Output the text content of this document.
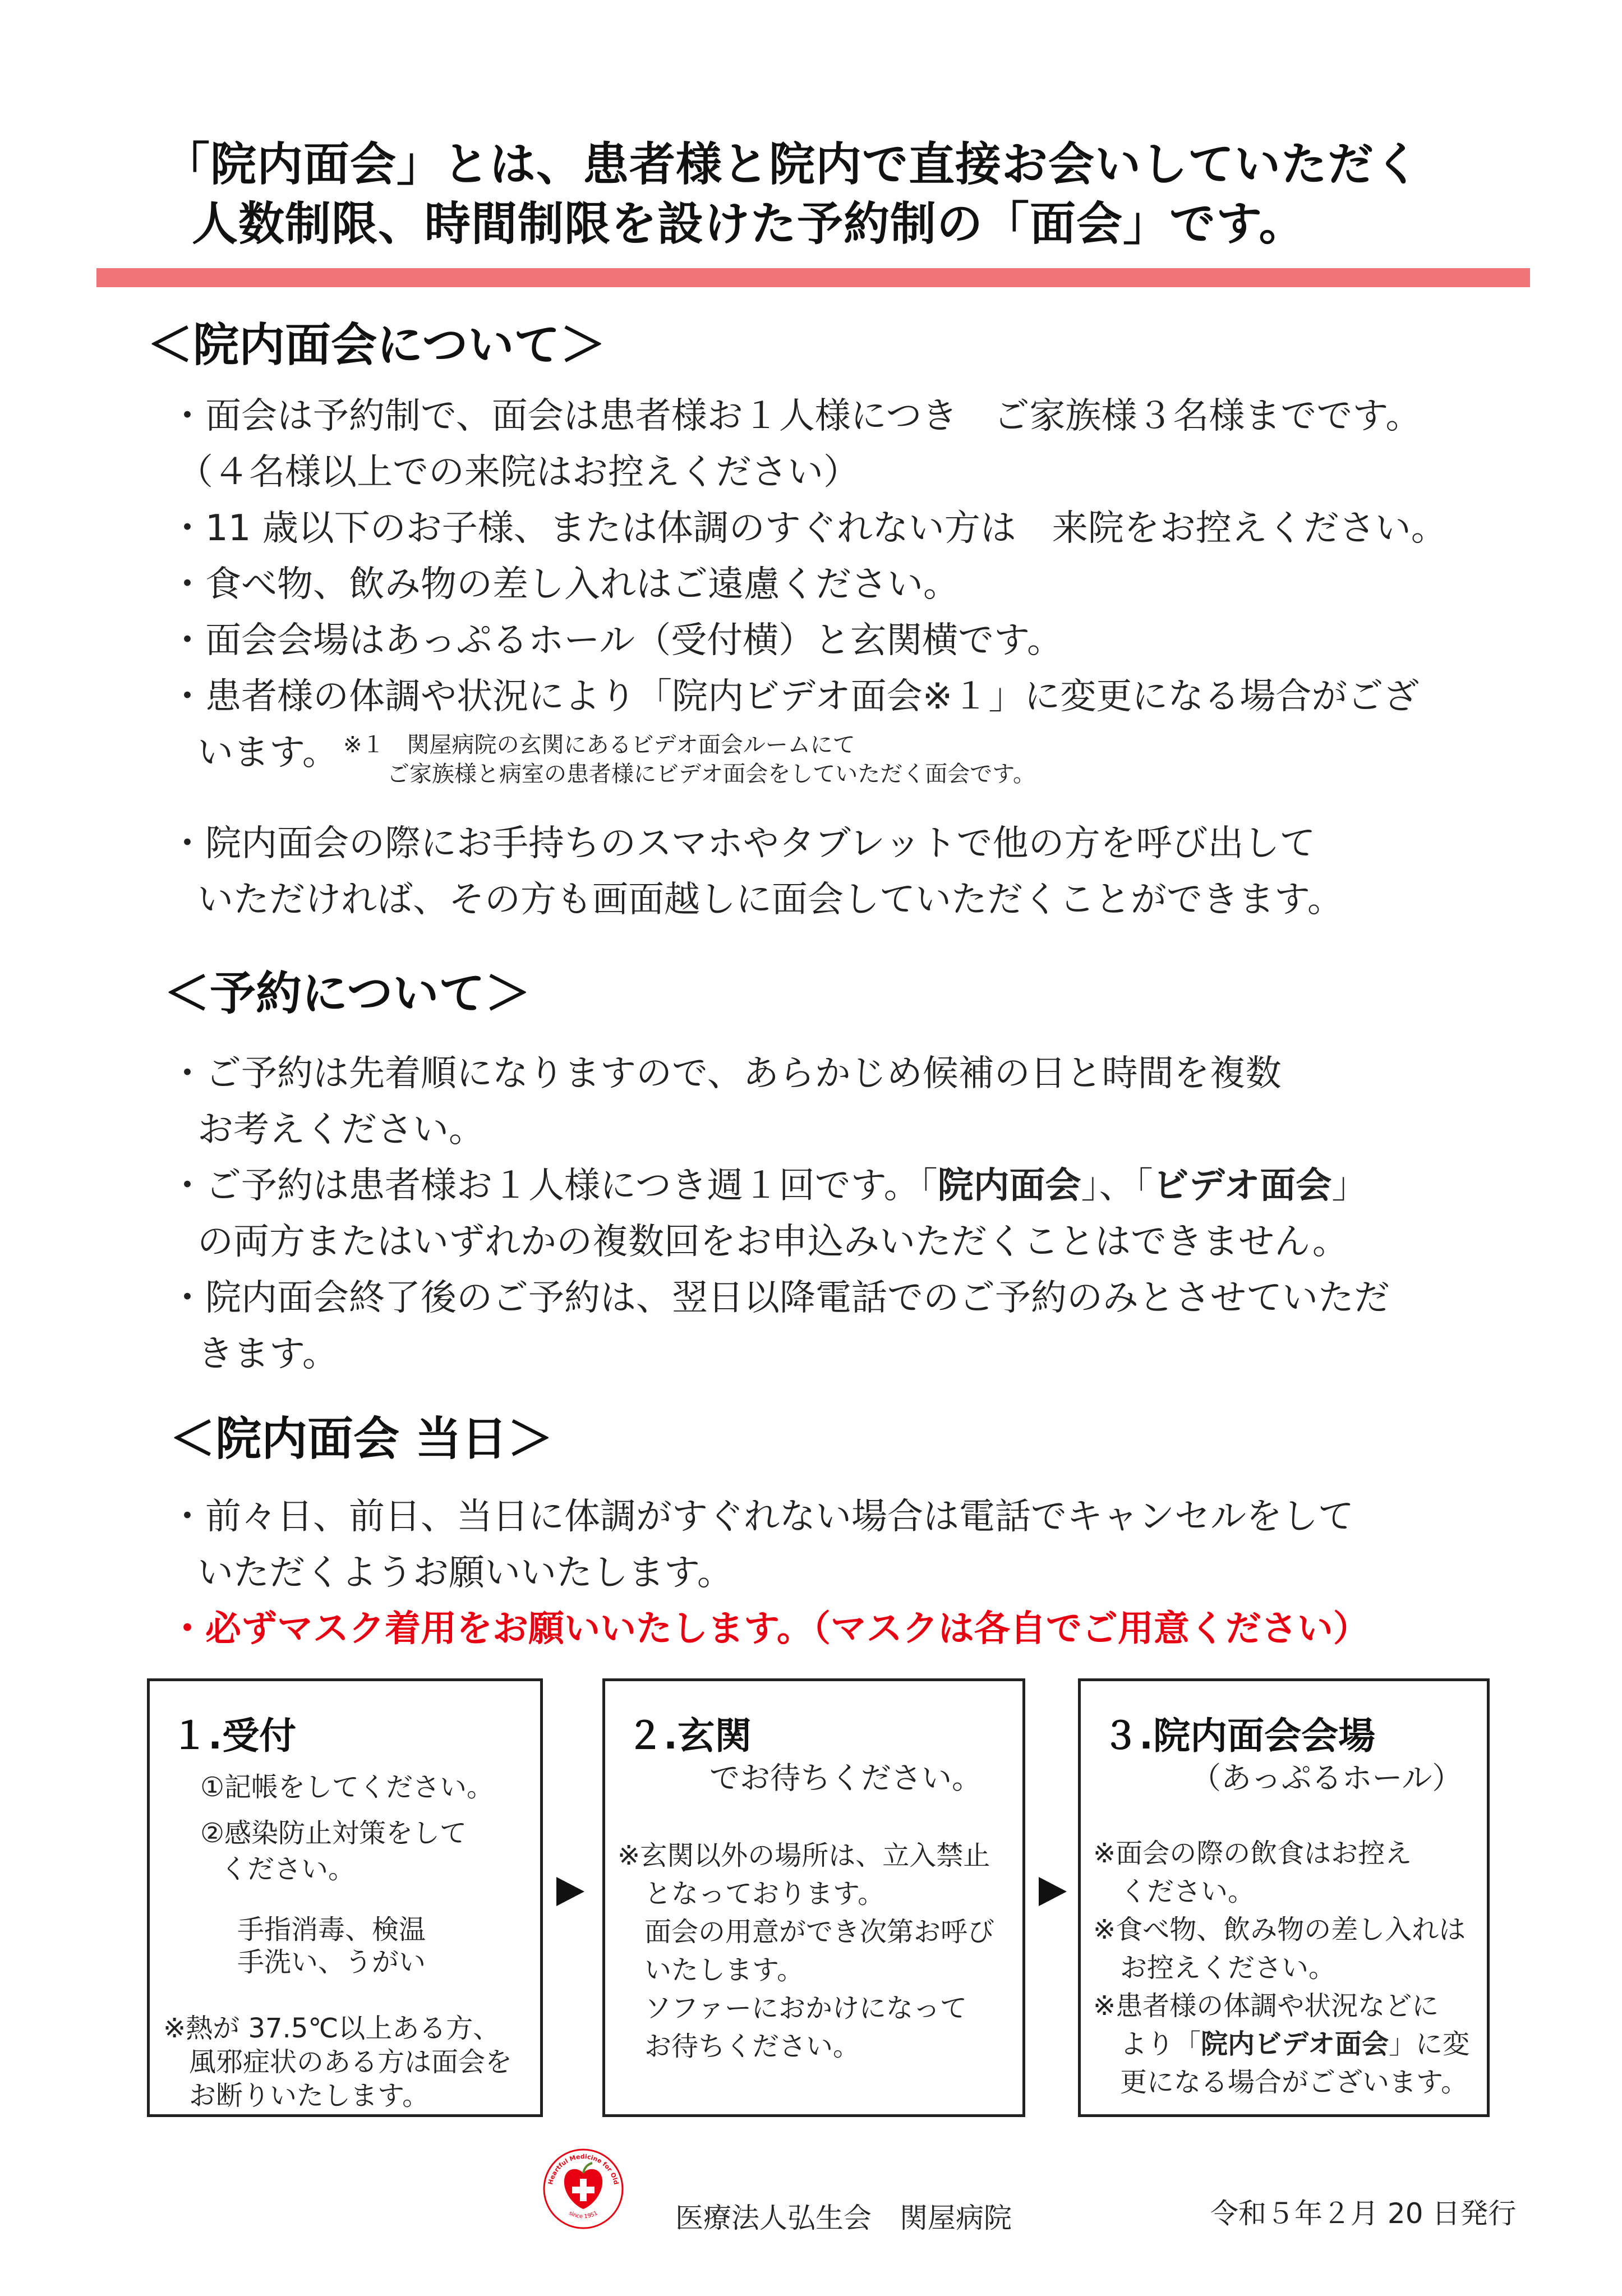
「院内面会」とは、患者様と院内で直接お会いしていただく
人数制限、時間制限を設けた予約制の「面会」です。
＜院内面会について＞
・面会は予約制で、面会は患者様お１人様につき　ご家族様３名様までです。
（４名様以上での来院はお控えください）
・11 歳以下のお子様、または体調のすぐれない方は　来院をお控えください。
・食べ物、飲み物の差し入れはご遠慮ください。
・面会会場はあっぷるホール（受付横）と玄関横です。
・患者様の体調や状況により「院内ビデオ面会※１」に変更になる場合がござ
います。 ※１　関屋病院の玄関にあるビデオ面会ルームにて
ご家族様と病室の患者様にビデオ面会をしていただく面会です。
・院内面会の際にお手持ちのスマホやタブレットで他の方を呼び出して
いただければ、その方も画面越しに面会していただくことができます。
＜予約について＞
・ご予約は先着順になりますので、あらかじめ候補の日と時間を複数
お考えください。
・ご予約は患者様お１人様につき週１回です。「院内面会」、「ビデオ面会」
の両方またはいずれかの複数回をお申込みいただくことはできません。
・院内面会終了後のご予約は、翌日以降電話でのご予約のみとさせていただ
きます。
＜院内面会 当日＞
・前々日、前日、当日に体調がすぐれない場合は電話でキャンセルをして
いただくようお願いいたします。
・必ずマスク着用をお願いいたします。（マスクは各自でご用意ください）
１.受付
①記帳をしてください。
②感染防止対策をして
ください。
手指消毒、検温
手洗い、うがい
※熱が 37.5℃以上ある方、
風邪症状のある方は面会を
お断りいたします。
２.玄関
でお待ちください。
※玄関以外の場所は、立入禁止
となっております。
面会の用意ができ次第お呼び
いたします。
ソファーにおかけになって
お待ちください。
３.院内面会会場
（あっぷるホール）
※面会の際の飲食はお控え
ください。
※食べ物、飲み物の差し入れは
お控えください。
※患者様の体調や状況などに
より「院内ビデオ面会」に変
更になる場合がございます。
Heartful Medicine for Old
since 1951	医療法人弘生会　関屋病院	令和５年２月 20 日発行
